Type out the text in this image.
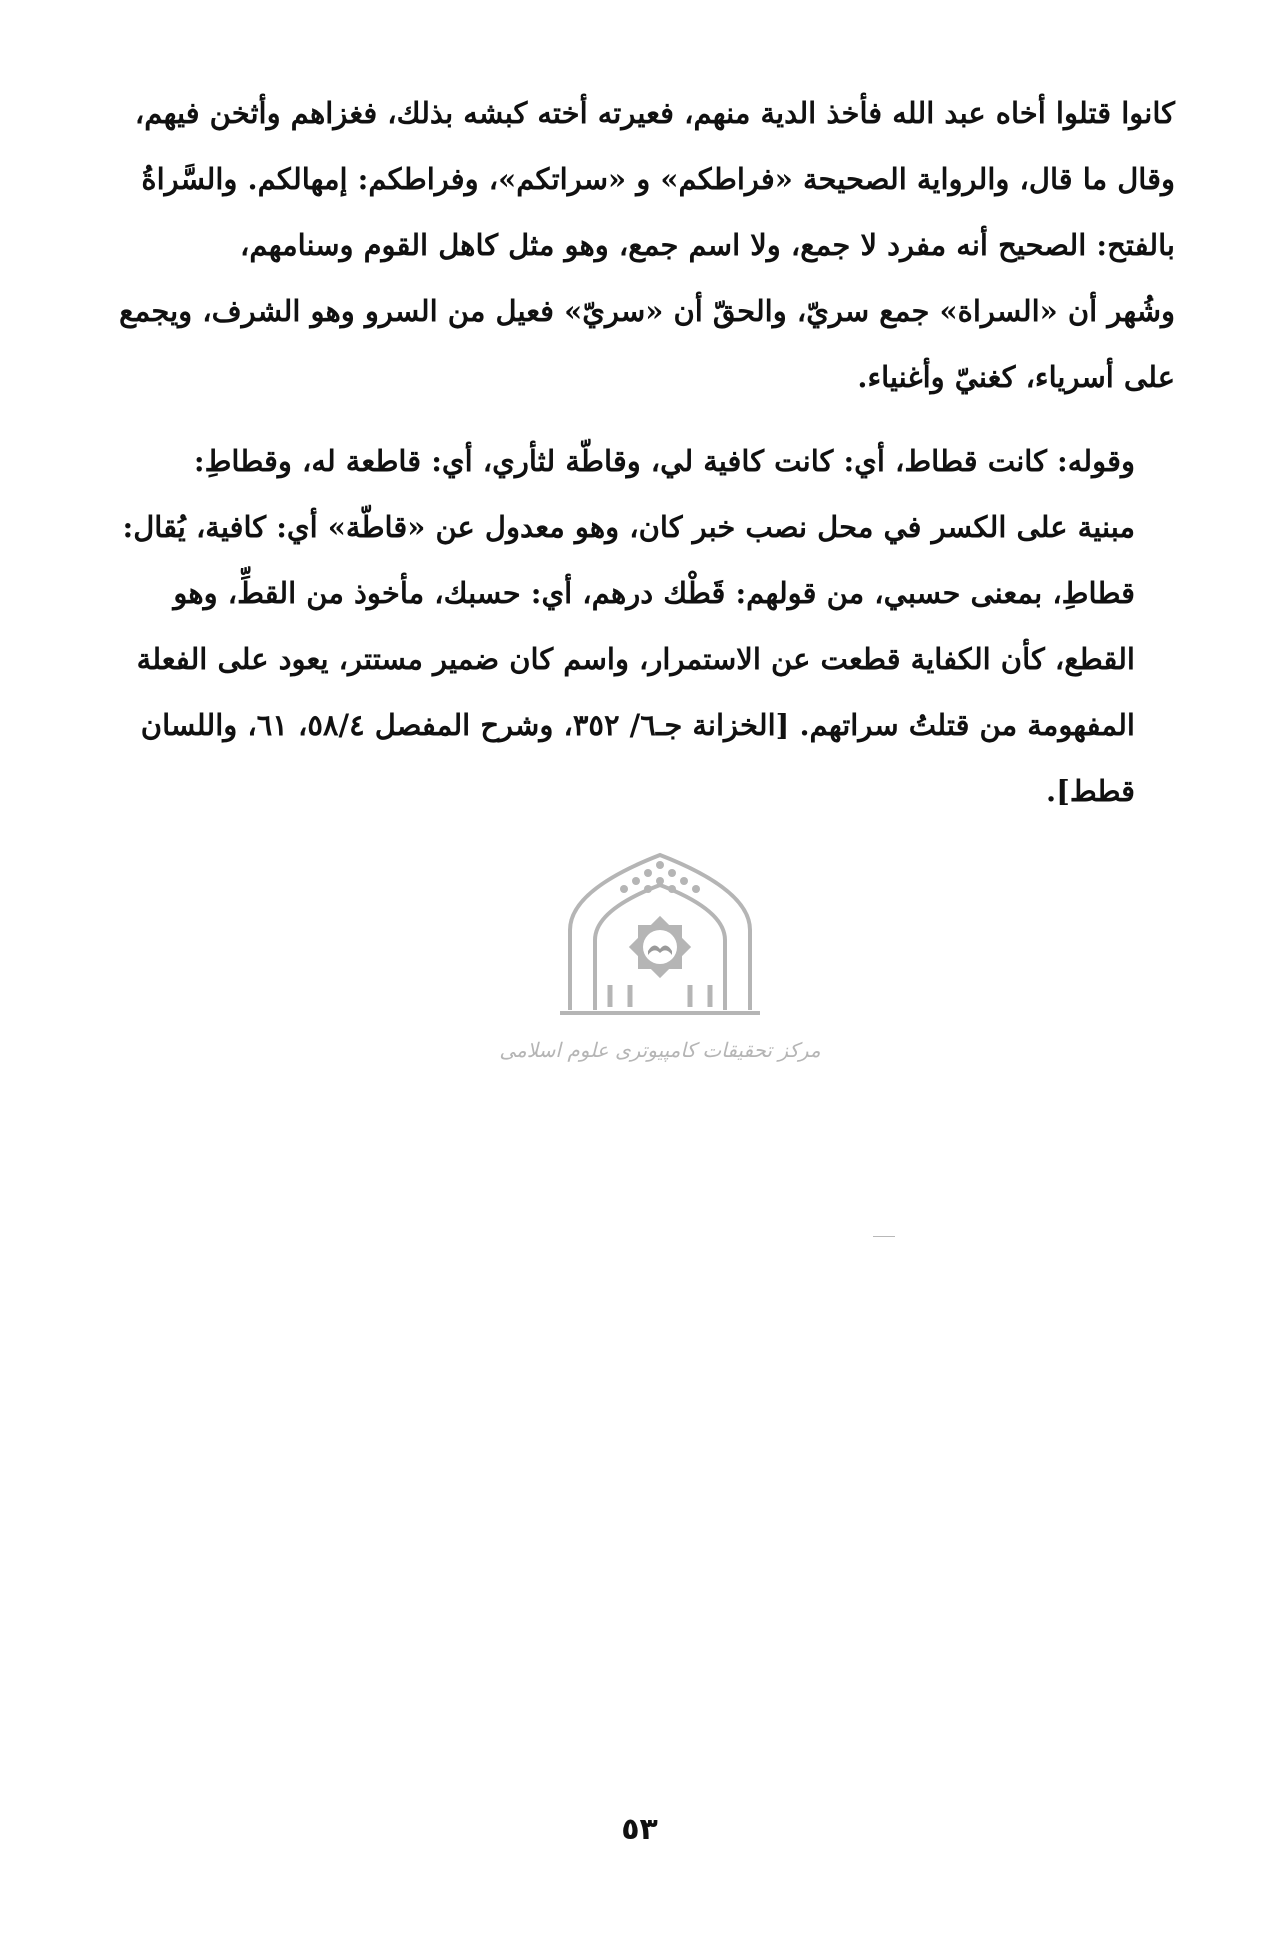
كانوا قتلوا أخاه عبد الله فأخذ الدية منهم، فعيرته أخته كبشه بذلك، فغزاهم وأثخن فيهم،
وقال ما قال، والرواية الصحيحة «فراطكم» و «سراتكم»، وفراطكم: إمهالكم. والسَّراةُ
بالفتح: الصحيح أنه مفرد لا جمع، ولا اسم جمع، وهو مثل كاهل القوم وسنامهم،
وشُهر أن «السراة» جمع سريّ، والحقّ أن «سريّ» فعيل من السرو وهو الشرف، ويجمع
على أسرياء، كغنيّ وأغنياء.

وقوله: كانت قطاط، أي: كانت كافية لي، وقاطّة لثأري، أي: قاطعة له، وقطاطِ:
مبنية على الكسر في محل نصب خبر كان، وهو معدول عن «قاطّة» أي: كافية، يُقال:
قطاطِ، بمعنى حسبي، من قولهم: قَطْك درهم، أي: حسبك، مأخوذ من القطِّ، وهو
القطع، كأن الكفاية قطعت عن الاستمرار، واسم كان ضمير مستتر، يعود على الفعلة
المفهومة من قتلتُ سراتهم. [الخزانة جـ٦/ ٣٥٢، وشرح المفصل ٥٨/٤، ٦١، واللسان
قطط].

مرکز تحقیقات کامپیوتری علوم اسلامی
٥٣
